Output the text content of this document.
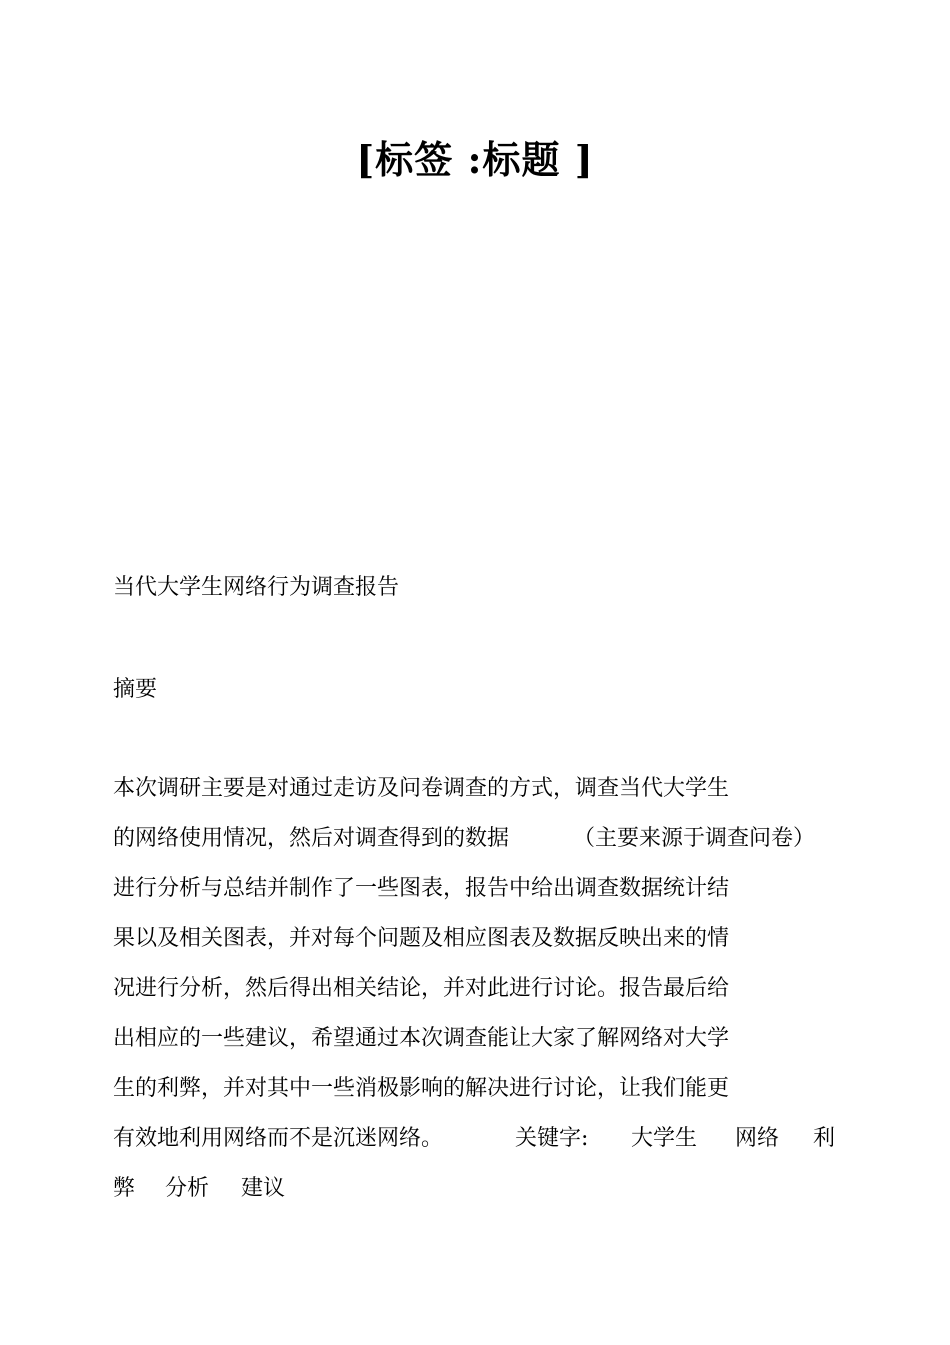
[标签 :标题 ]
当代大学生网络行为调查报告
摘要
本次调研主要是对通过走访及问卷调查的方式，调查当代大学生
的网络使用情况，然后对调查得到的数据	（主要来源于调查问卷）
进行分析与总结并制作了一些图表，报告中给出调查数据统计结
果以及相关图表，并对每个问题及相应图表及数据反映出来的情
况进行分析，然后得出相关结论，并对此进行讨论。报告最后给
出相应的一些建议，希望通过本次调查能让大家了解网络对大学
生的利弊，并对其中一些消极影响的解决进行讨论，让我们能更
有效地利用网络而不是沉迷网络。	关键字: 大学生 网络 利
弊 分析 建议
